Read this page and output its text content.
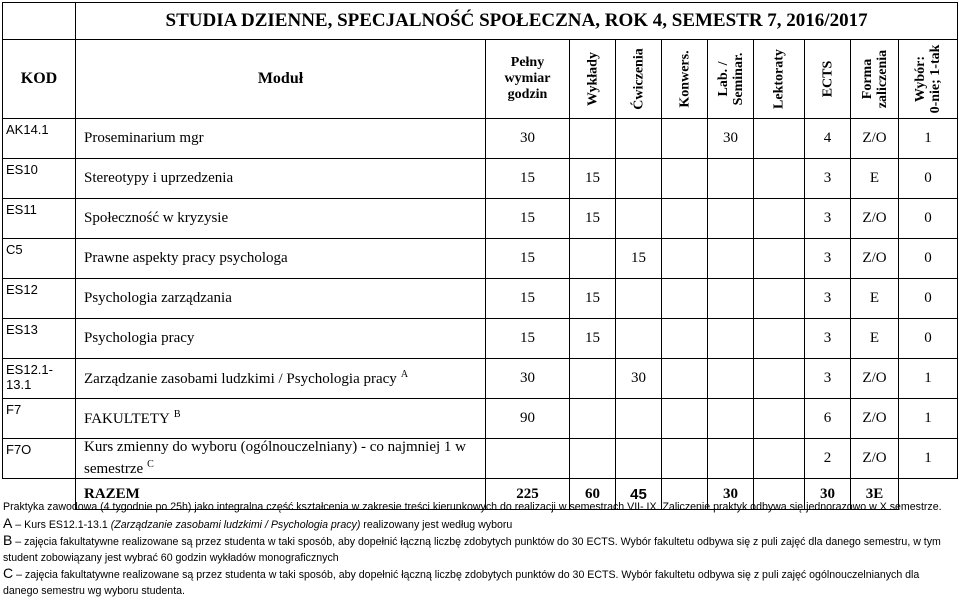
	STUDIA DZIENNE, SPECJALNOŚĆ SPOŁECZNA, ROK 4, SEMESTR 7, 2016/2017									
KOD	Moduł	Pełny
wymiar
godzin	Wykłady	Ćwiczenia	Konwers.	Lab. /
Seminar.	Lektoraty	ECTS	Forma
zaliczenia	Wybór:
0-nie; 1-tak

AK14.1	Proseminarium mgr	30				30		4	Z/O	1
ES10	Stereotypy i uprzedzenia	15	15					3	E	0
ES11	Społeczność w kryzysie	15	15					3	Z/O	0
C5	Prawne aspekty pracy psychologa	15		15				3	Z/O	0
ES12	Psychologia zarządzania	15	15					3	E	0
ES13	Psychologia pracy	15	15					3	E	0
ES12.1-13.1	Zarządzanie zasobami ludzkimi / Psychologia pracy $^A$	30		30				3	Z/O	1
F7	FAKULTETY $^B$	90						6	Z/O	1
F7O	Kurs zmienny do wyboru (ogólnouczelniany) - co najmniej 1 w semestrze $^C$							2	Z/O	1
	RAZEM	225	60	45		30		30	3E	

Praktyka zawodowa (4 tygodnie po 25h) jako integralna część kształcenia w zakresie treści kierunkowych do realizacji w semestrach VII- IX. Zaliczenie praktyk odbywa się jednorazowo w X semestrze.

A – Kurs ES12.1-13.1 (Zarządzanie zasobami ludzkimi / Psychologia pracy) realizowany jest według wyboru

B – zajęcia fakultatywne realizowane są przez studenta w taki sposób, aby dopełnić łączną liczbę zdobytych punktów do 30 ECTS. Wybór fakultetu odbywa się z puli zajęć dla danego semestru, w tym student zobowiązany jest wybrać 60 godzin wykładów monograficznych

C – zajęcia fakultatywne realizowane są przez studenta w taki sposób, aby dopełnić łączną liczbę zdobytych punktów do 30 ECTS. Wybór fakultetu odbywa się z puli zajęć ogólnouczelnianych dla danego semestru wg wyboru studenta.
